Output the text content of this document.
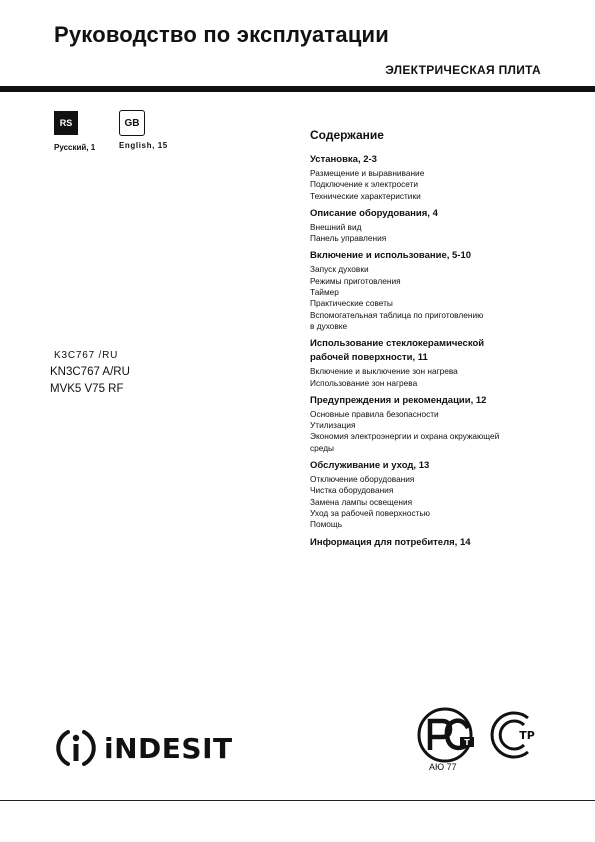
Руководство по эксплуатации
ЭЛЕКТРИЧЕСКАЯ ПЛИТА
RS	GB
Русский, 1	English, 15
K3C767 /RU
KN3C767 A/RU
MVK5 V75 RF
Содержание
Установка, 2-3
Размещение и выравнивание
Подключение к электросети
Технические характеристики
Описание оборудования, 4
Внешний вид
Панель управления
Включение и использование, 5-10
Запуск духовки
Режимы приготовления
Таймер
Практические советы
Вспомогательная таблица по приготовлению
в духовке
Использование стеклокерамической
рабочей поверхности, 11
Включение и выключение зон нагрева
Использование зон нагрева
Предупреждения и рекомендации, 12
Основные правила безопасности
Утилизация
Экономия электроэнергии и охрана окружающей
среды
Обслуживание и уход, 13
Отключение оборудования
Чистка оборудования
Замена лампы освещения
Уход за рабочей поверхностью
Помощь
Информация для потребителя, 14
iNDESIT	T
ТР
АЮ 77
